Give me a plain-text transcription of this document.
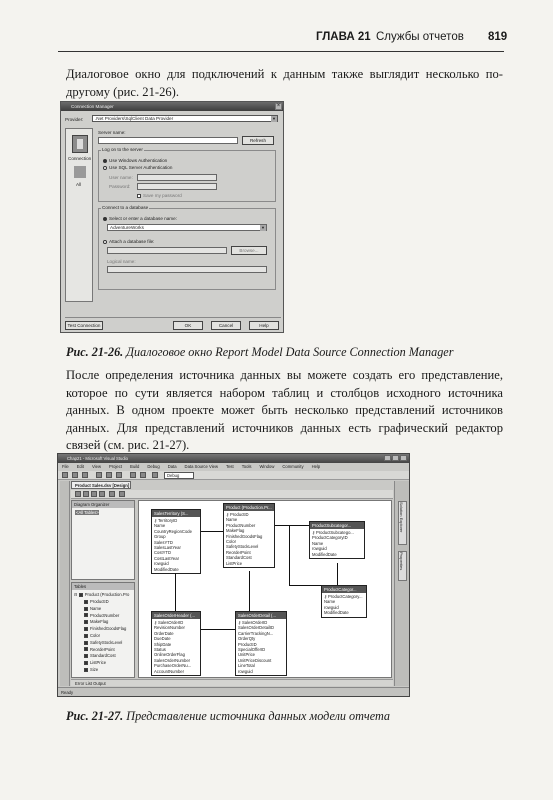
ГЛАВА 21 Службы отчетов 819

Диалоговое окно для подключений к данным также выглядит несколько по-другому (рис. 21-26).

Connection Manager	×
Provider:	.Net Providers\SqlClient Data Provider	▼
Connection
All
Server name:
Refresh
Log on to the server
Use Windows Authentication
Use SQL Server Authentication
User name:
Password:
Save my password
Connect to a database
Select or enter a database name:
AdventureWorks	▼
Attach a database file:
Browse...
Logical name:
Test Connection	OK	Cancel	Help
Рис. 21-26. Диалоговое окно Report Model Data Source Connection Manager

После определения источника данных вы можете создать его представление, которое по сути является набором таблиц и столбцов исходного источника данных. В одном проекте может быть несколько представлений источников данных. Для представлений источников данных есть графический редактор связей (см. рис. 21-27).

Chap21 - Microsoft Visual Studio
File Edit View Project Build Debug Data Data Source View Test Tools Window Community Help
Debug
Product Sales.dsv [Design]
Diagram Organizer
<All Tables>
Tables
⊟ Product (Production.Pro
ProductID
Name
ProductNumber
MakeFlag
FinishedGoodsFlag
Color
SafetyStockLevel
ReorderPoint
StandardCost
ListPrice
Size
SalesTerritory (S...
⚷ TerritoryID
Name
CountryRegionCode
Group
SalesYTD
SalesLastYear
CostYTD
CostLastYear
rowguid
ModifiedDate
Product (Production.Pr...
⚷ ProductID
Name
ProductNumber
MakeFlag
FinishedGoodsFlag
Color
SafetyStockLevel
ReorderPoint
StandardCost
ListPrice
ProductSubcategor...
⚷ ProductSubcatego...
ProductCategoryID
Name
rowguid
ModifiedDate
ProductCategor...
⚷ ProductCategory...
Name
rowguid
ModifiedDate
SalesOrderHeader (...
⚷ SalesOrderID
RevisionNumber
OrderDate
DueDate
ShipDate
Status
OnlineOrderFlag
SalesOrderNumber
PurchaseOrderNu...
AccountNumber
SalesOrderDetail (...
⚷ SalesOrderID
SalesOrderDetailID
CarrierTrackingN...
OrderQty
ProductID
SpecialOfferID
UnitPrice
UnitPriceDiscount
LineTotal
rowguid
Solution Explorer
Properties
Error List Output
Ready
Рис. 21-27. Представление источника данных модели отчета
